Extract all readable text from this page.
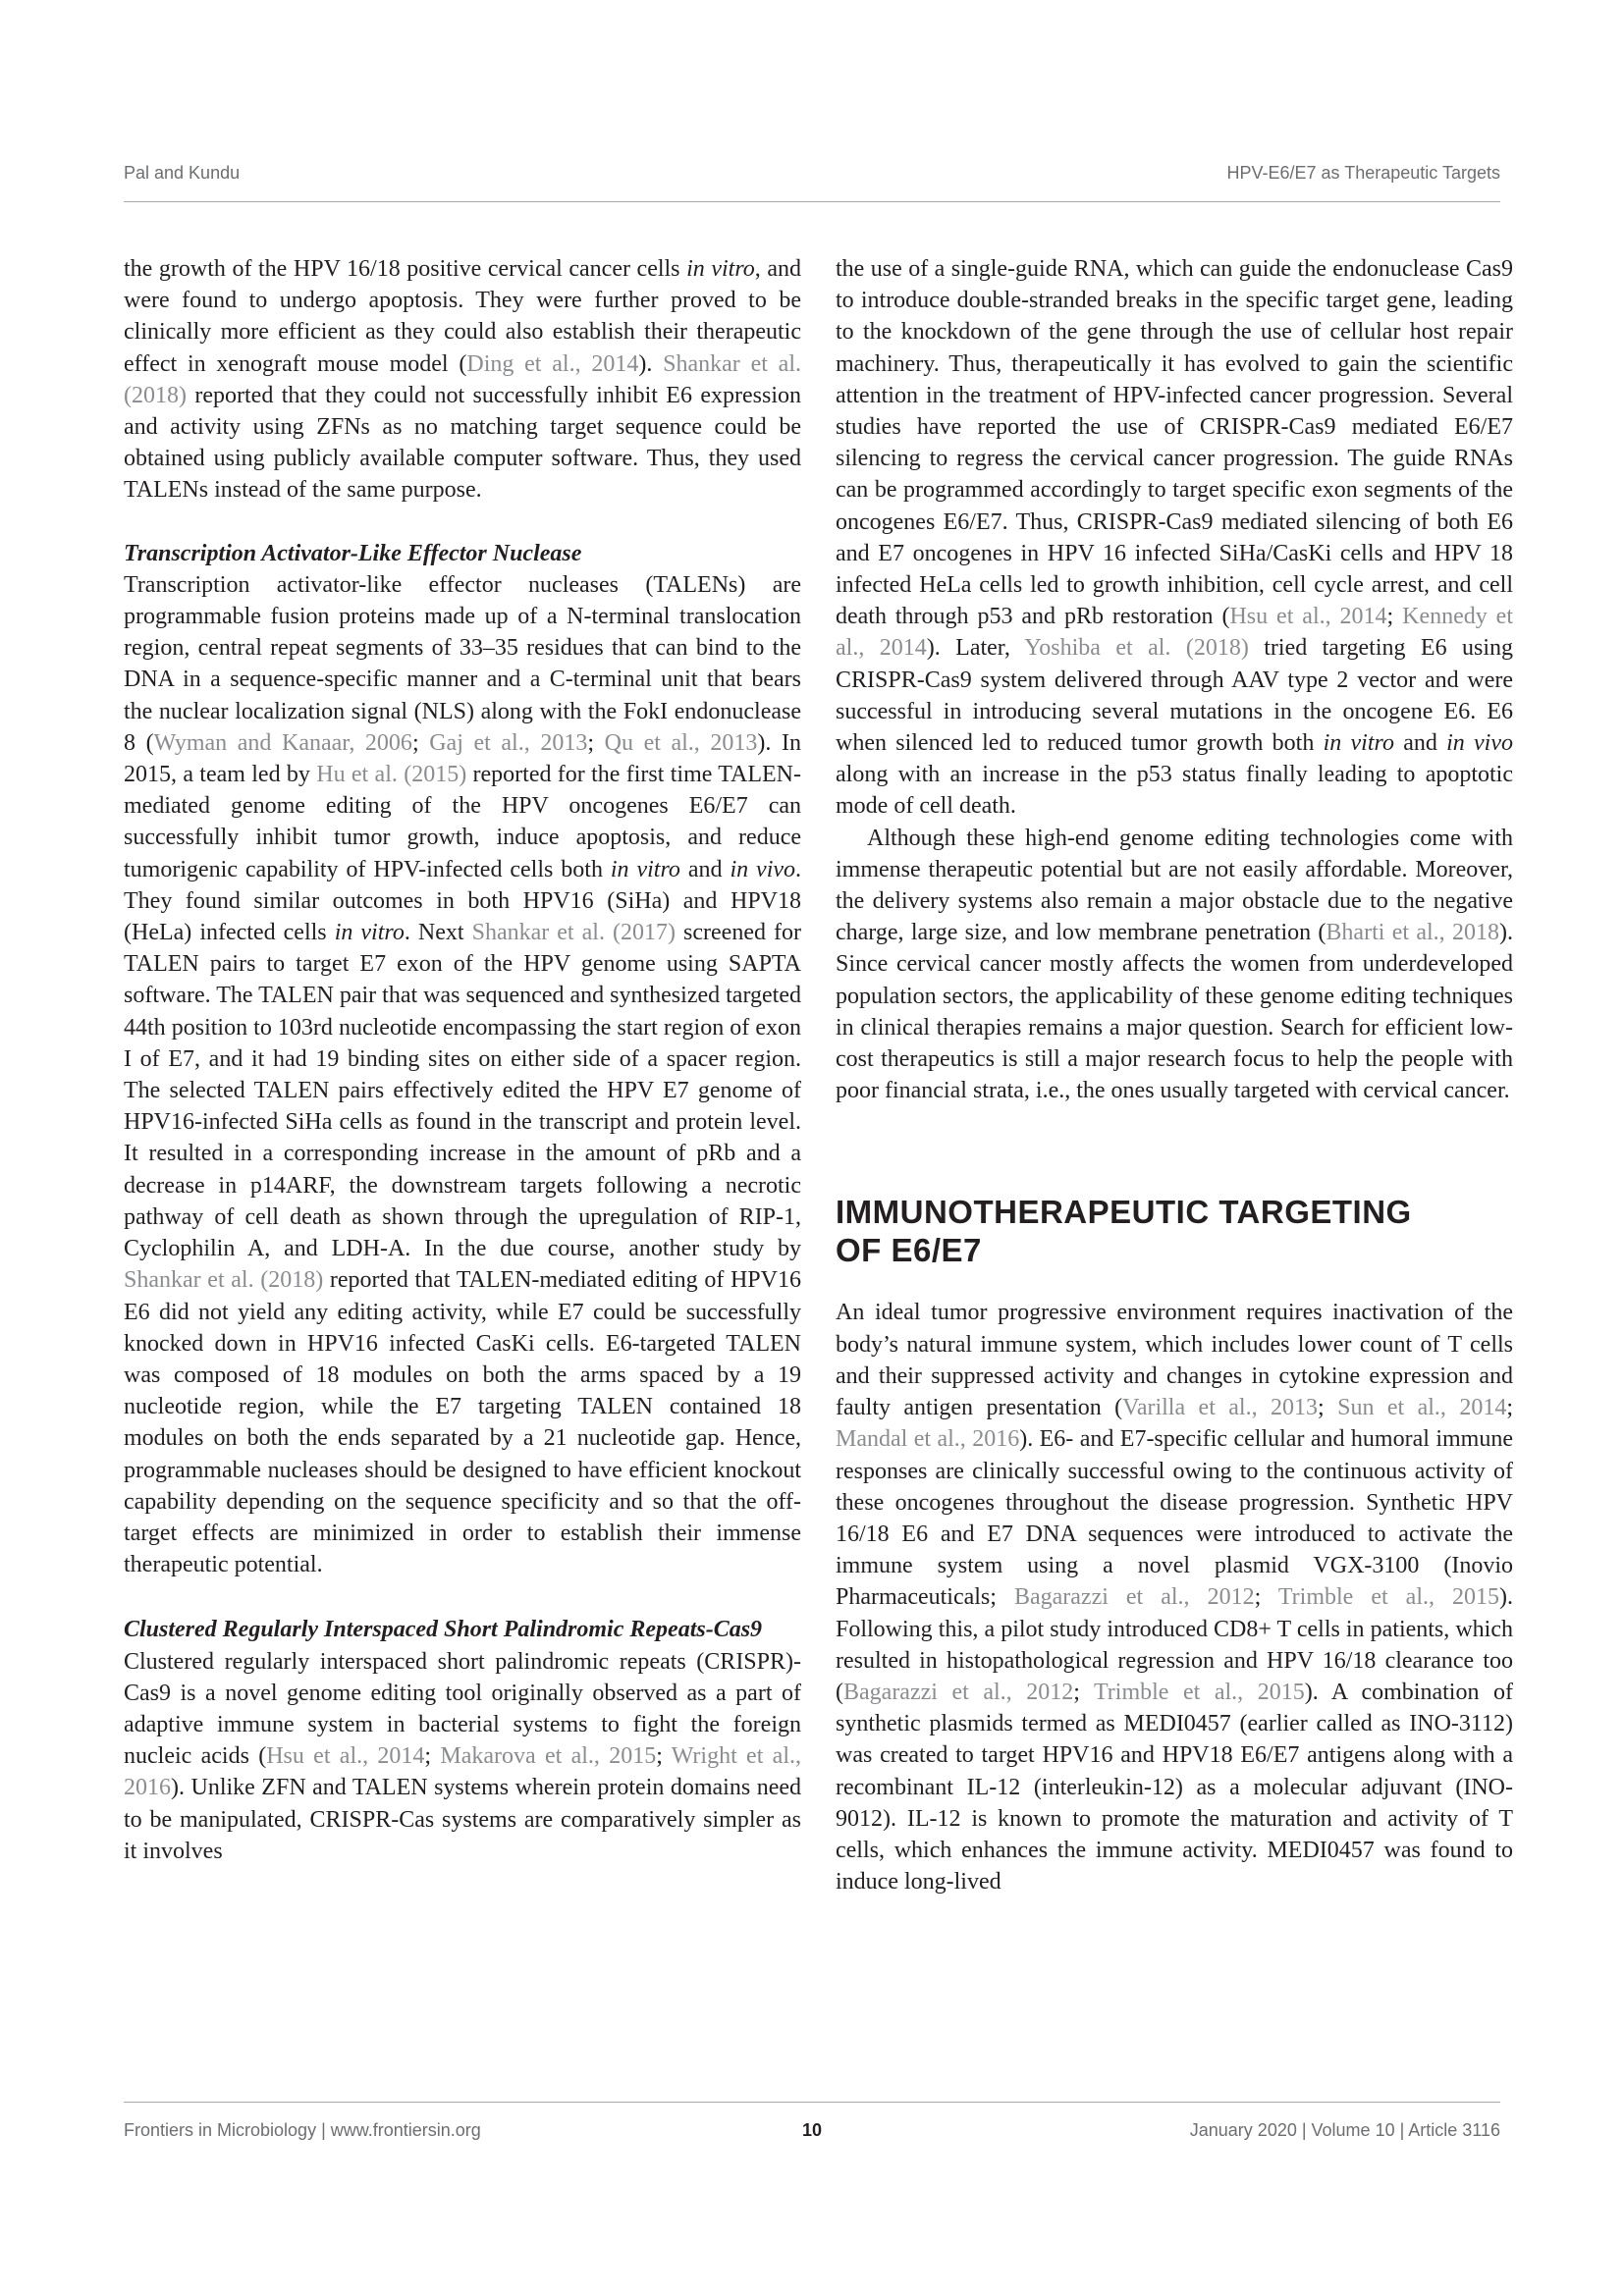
Pal and Kundu	HPV-E6/E7 as Therapeutic Targets

the growth of the HPV 16/18 positive cervical cancer cells in vitro, and were found to undergo apoptosis. They were further proved to be clinically more efficient as they could also establish their therapeutic effect in xenograft mouse model (Ding et al., 2014). Shankar et al. (2018) reported that they could not successfully inhibit E6 expression and activity using ZFNs as no matching target sequence could be obtained using publicly available computer software. Thus, they used TALENs instead of the same purpose.

Transcription Activator-Like Effector Nuclease

Transcription activator-like effector nucleases (TALENs) are programmable fusion proteins made up of a N-terminal translocation region, central repeat segments of 33–35 residues that can bind to the DNA in a sequence-specific manner and a C-terminal unit that bears the nuclear localization signal (NLS) along with the FokI endonuclease 8 (Wyman and Kanaar, 2006; Gaj et al., 2013; Qu et al., 2013). In 2015, a team led by Hu et al. (2015) reported for the first time TALEN-mediated genome editing of the HPV oncogenes E6/E7 can successfully inhibit tumor growth, induce apoptosis, and reduce tumorigenic capability of HPV-infected cells both in vitro and in vivo. They found similar outcomes in both HPV16 (SiHa) and HPV18 (HeLa) infected cells in vitro. Next Shankar et al. (2017) screened for TALEN pairs to target E7 exon of the HPV genome using SAPTA software. The TALEN pair that was sequenced and synthesized targeted 44th position to 103rd nucleotide encompassing the start region of exon I of E7, and it had 19 binding sites on either side of a spacer region. The selected TALEN pairs effectively edited the HPV E7 genome of HPV16-infected SiHa cells as found in the transcript and protein level. It resulted in a corresponding increase in the amount of pRb and a decrease in p14ARF, the downstream targets following a necrotic pathway of cell death as shown through the upregulation of RIP-1, Cyclophilin A, and LDH-A. In the due course, another study by Shankar et al. (2018) reported that TALEN-mediated editing of HPV16 E6 did not yield any editing activity, while E7 could be successfully knocked down in HPV16 infected CasKi cells. E6-targeted TALEN was composed of 18 modules on both the arms spaced by a 19 nucleotide region, while the E7 targeting TALEN contained 18 modules on both the ends separated by a 21 nucleotide gap. Hence, programmable nucleases should be designed to have efficient knockout capability depending on the sequence specificity and so that the off-target effects are minimized in order to establish their immense therapeutic potential.

Clustered Regularly Interspaced Short Palindromic Repeats-Cas9

Clustered regularly interspaced short palindromic repeats (CRISPR)-Cas9 is a novel genome editing tool originally observed as a part of adaptive immune system in bacterial systems to fight the foreign nucleic acids (Hsu et al., 2014; Makarova et al., 2015; Wright et al., 2016). Unlike ZFN and TALEN systems wherein protein domains need to be manipulated, CRISPR-Cas systems are comparatively simpler as it involves

the use of a single-guide RNA, which can guide the endonuclease Cas9 to introduce double-stranded breaks in the specific target gene, leading to the knockdown of the gene through the use of cellular host repair machinery. Thus, therapeutically it has evolved to gain the scientific attention in the treatment of HPV-infected cancer progression. Several studies have reported the use of CRISPR-Cas9 mediated E6/E7 silencing to regress the cervical cancer progression. The guide RNAs can be programmed accordingly to target specific exon segments of the oncogenes E6/E7. Thus, CRISPR-Cas9 mediated silencing of both E6 and E7 oncogenes in HPV 16 infected SiHa/CasKi cells and HPV 18 infected HeLa cells led to growth inhibition, cell cycle arrest, and cell death through p53 and pRb restoration (Hsu et al., 2014; Kennedy et al., 2014). Later, Yoshiba et al. (2018) tried targeting E6 using CRISPR-Cas9 system delivered through AAV type 2 vector and were successful in introducing several mutations in the oncogene E6. E6 when silenced led to reduced tumor growth both in vitro and in vivo along with an increase in the p53 status finally leading to apoptotic mode of cell death.

Although these high-end genome editing technologies come with immense therapeutic potential but are not easily affordable. Moreover, the delivery systems also remain a major obstacle due to the negative charge, large size, and low membrane penetration (Bharti et al., 2018). Since cervical cancer mostly affects the women from underdeveloped population sectors, the applicability of these genome editing techniques in clinical therapies remains a major question. Search for efficient low-cost therapeutics is still a major research focus to help the people with poor financial strata, i.e., the ones usually targeted with cervical cancer.

IMMUNOTHERAPEUTIC TARGETING
OF E6/E7

An ideal tumor progressive environment requires inactivation of the body’s natural immune system, which includes lower count of T cells and their suppressed activity and changes in cytokine expression and faulty antigen presentation (Varilla et al., 2013; Sun et al., 2014; Mandal et al., 2016). E6- and E7-specific cellular and humoral immune responses are clinically successful owing to the continuous activity of these oncogenes throughout the disease progression. Synthetic HPV 16/18 E6 and E7 DNA sequences were introduced to activate the immune system using a novel plasmid VGX-3100 (Inovio Pharmaceuticals; Bagarazzi et al., 2012; Trimble et al., 2015). Following this, a pilot study introduced CD8+ T cells in patients, which resulted in histopathological regression and HPV 16/18 clearance too (Bagarazzi et al., 2012; Trimble et al., 2015). A combination of synthetic plasmids termed as MEDI0457 (earlier called as INO-3112) was created to target HPV16 and HPV18 E6/E7 antigens along with a recombinant IL-12 (interleukin-12) as a molecular adjuvant (INO-9012). IL-12 is known to promote the maturation and activity of T cells, which enhances the immune activity. MEDI0457 was found to induce long-lived

Frontiers in Microbiology | www.frontiersin.org	10	January 2020 | Volume 10 | Article 3116
